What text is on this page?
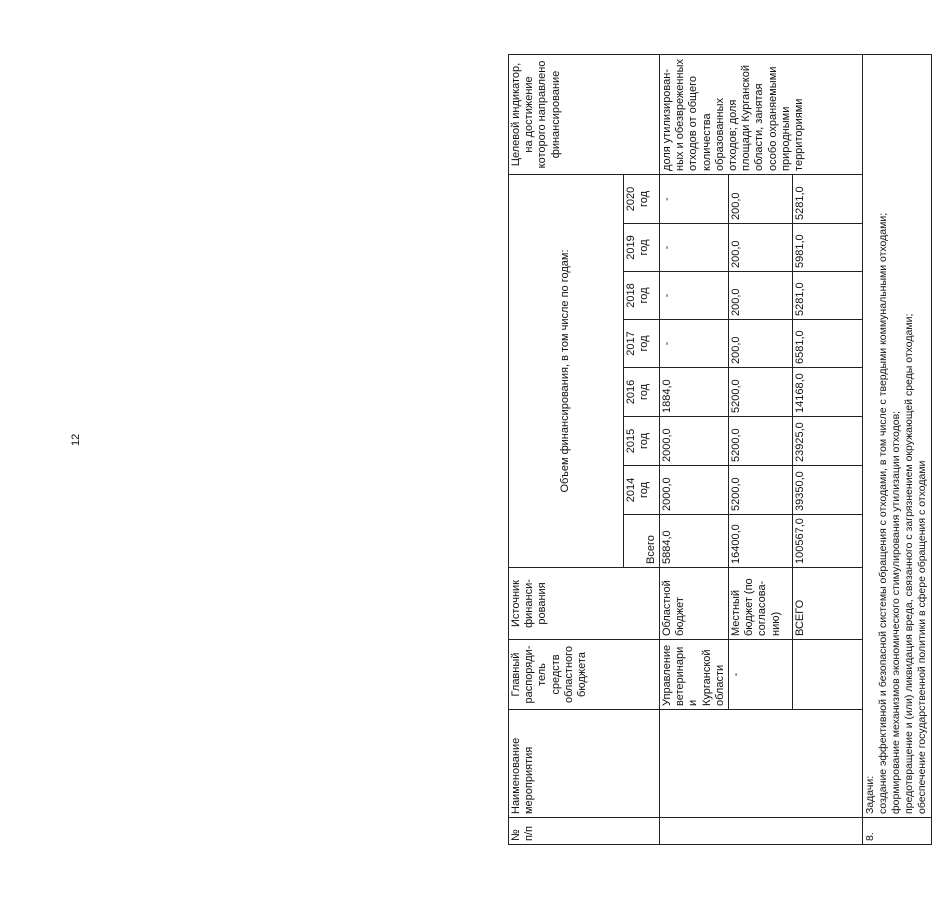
12
№ п/п	Наименование мероприятия	Главный распоряди-тель средств областного бюджета	Источник финанси-рования	Объем финансирования, в том числе по годам:								Целевой индикатор, на достижение которого направлено финансирование
				Всего	2014 год	2015 год	2016 год	2017 год	2018 год	2019 год	2020 год	
		Управление ветеринарии Курганской области	Областной бюджет	5884,0	2000,0	2000,0	1884,0	-	-	-	-	доля утилизирован-ных и обезвреженных отходов от общего количества образованных отходов; доля площади Курганской области, занятая особо охраняемыми природными территориями
		-	Местный бюджет (по согласова-нию)	16400,0	5200,0	5200,0	5200,0	200,0	200,0	200,0	200,0	
			ВСЕГО	100567,0	39350,0	23925,0	14168,0	6581,0	5281,0	5981,0	5281,0	
8.	Задачи: создание эффективной и безопасной системы обращения с отходами, в том числе с твердыми коммунальными отходами; формирование механизмов экономического стимулирования утилизации отходов; предотвращение и (или) ликвидация вреда, связанного с загрязнением окружающей среды отходами; обеспечение государственной политики в сфере обращения с отходами											
